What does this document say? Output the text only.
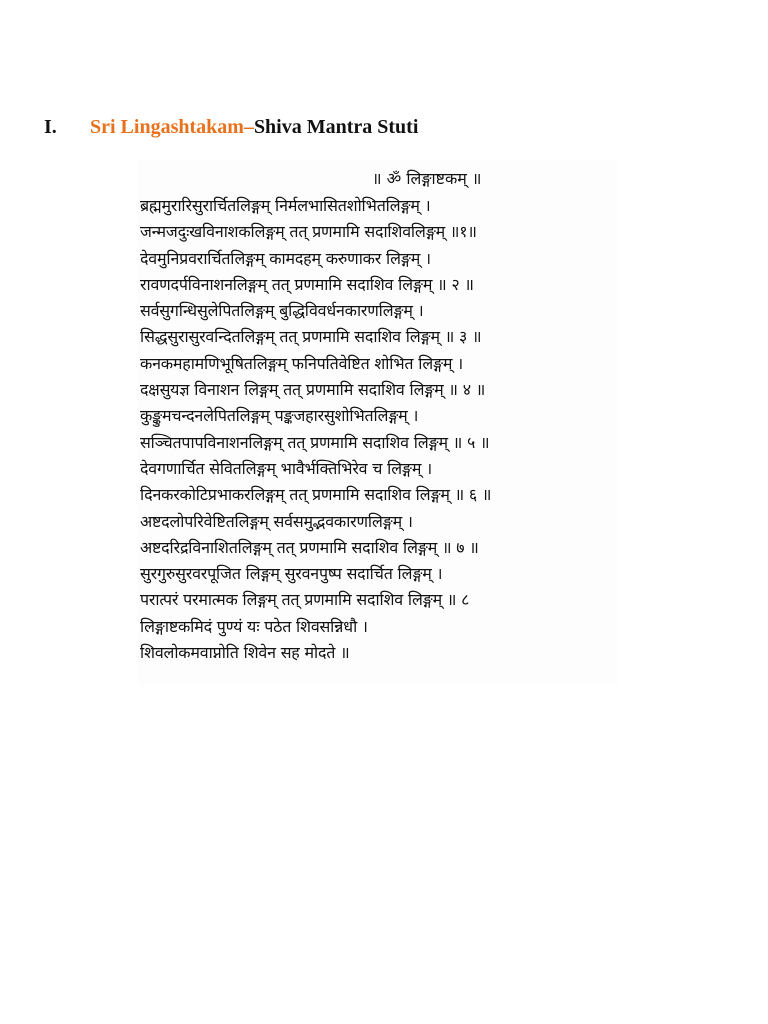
I.	Sri Lingashtakam– Shiva Mantra Stuti
॥ ॐ लिङ्गाष्टकम् ॥
ब्रह्ममुरारिसुरार्चितलिङ्गम् निर्मलभासितशोभितलिङ्गम् ।
जन्मजदुःखविनाशकलिङ्गम् तत् प्रणमामि सदाशिवलिङ्गम् ॥१॥
देवमुनिप्रवरार्चितलिङ्गम् कामदहम् करुणाकर लिङ्गम् ।
रावणदर्पविनाशनलिङ्गम् तत् प्रणमामि सदाशिव लिङ्गम् ॥ २ ॥
सर्वसुगन्धिसुलेपितलिङ्गम् बुद्धिविवर्धनकारणलिङ्गम् ।
सिद्धसुरासुरवन्दितलिङ्गम् तत् प्रणमामि सदाशिव लिङ्गम् ॥ ३ ॥
कनकमहामणिभूषितलिङ्गम् फनिपतिवेष्टित शोभित लिङ्गम् ।
दक्षसुयज्ञ विनाशन लिङ्गम् तत् प्रणमामि सदाशिव लिङ्गम् ॥ ४ ॥
कुङ्कुमचन्दनलेपितलिङ्गम् पङ्कजहारसुशोभितलिङ्गम् ।
सञ्चितपापविनाशनलिङ्गम् तत् प्रणमामि सदाशिव लिङ्गम् ॥ ५ ॥
देवगणार्चित सेवितलिङ्गम् भावैर्भक्तिभिरेव च लिङ्गम् ।
दिनकरकोटिप्रभाकरलिङ्गम् तत् प्रणमामि सदाशिव लिङ्गम् ॥ ६ ॥
अष्टदलोपरिवेष्टितलिङ्गम् सर्वसमुद्भवकारणलिङ्गम् ।
अष्टदरिद्रविनाशितलिङ्गम् तत् प्रणमामि सदाशिव लिङ्गम् ॥ ७ ॥
सुरगुरुसुरवरपूजित लिङ्गम् सुरवनपुष्प सदार्चित लिङ्गम् ।
परात्परं परमात्मक लिङ्गम् तत् प्रणमामि सदाशिव लिङ्गम् ॥ ८
लिङ्गाष्टकमिदं पुण्यं यः पठेत शिवसन्निधौ ।
शिवलोकमवाप्नोति शिवेन सह मोदते ॥
